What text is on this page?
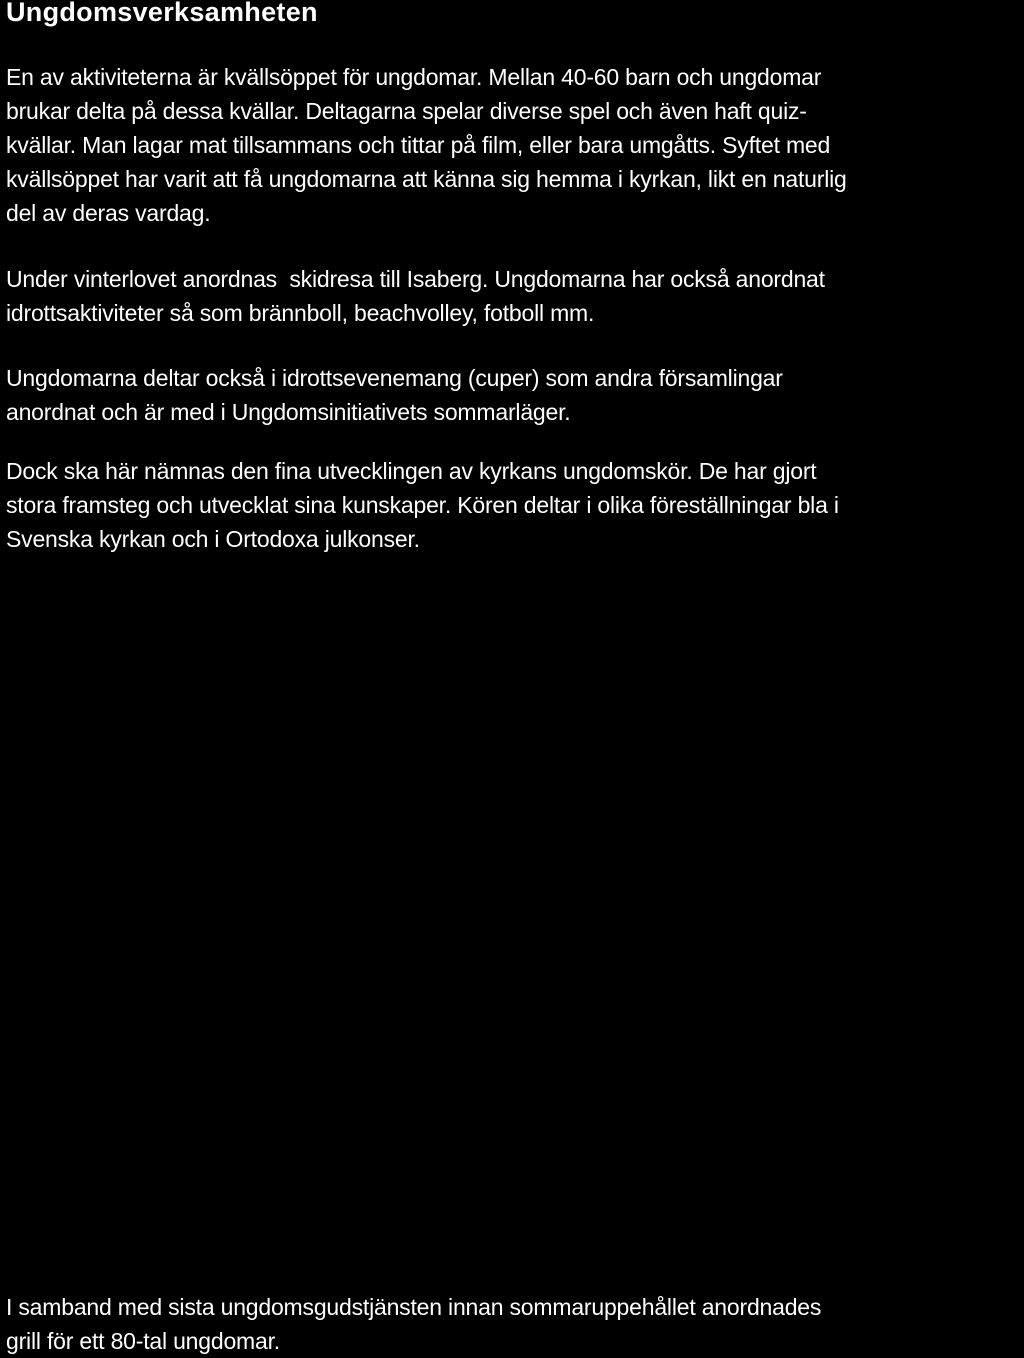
Ungdomsverksamheten

En av aktiviteterna är kvällsöppet för ungdomar. Mellan 40-60 barn och ungdomar
brukar delta på dessa kvällar. Deltagarna spelar diverse spel och även haft quiz-
kvällar. Man lagar mat tillsammans och tittar på film, eller bara umgåtts. Syftet med
kvällsöppet har varit att få ungdomarna att känna sig hemma i kyrkan, likt en naturlig
del av deras vardag.

Under vinterlovet anordnas  skidresa till Isaberg. Ungdomarna har också anordnat
idrottsaktiviteter så som brännboll, beachvolley, fotboll mm.

Ungdomarna deltar också i idrottsevenemang (cuper) som andra församlingar
anordnat och är med i Ungdomsinitiativets sommarläger.

Dock ska här nämnas den fina utvecklingen av kyrkans ungdomskör. De har gjort
stora framsteg och utvecklat sina kunskaper. Kören deltar i olika föreställningar bla i
Svenska kyrkan och i Ortodoxa julkonser.

I samband med sista ungdomsgudstjänsten innan sommaruppehållet anordnades
grill för ett 80-tal ungdomar.
